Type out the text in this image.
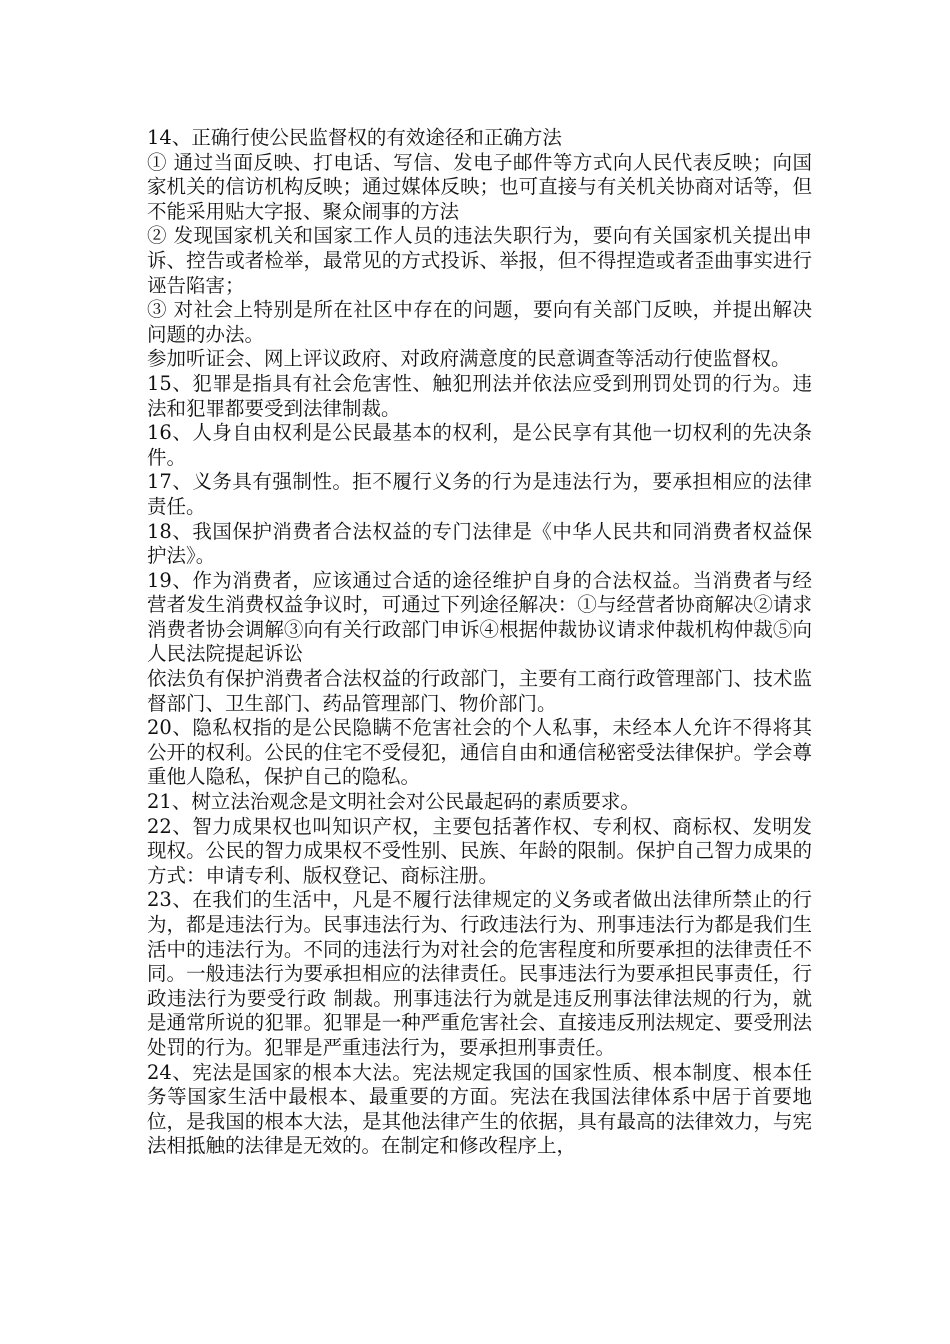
14、正确行使公民监督权的有效途径和正确方法

① 通过当面反映、打电话、写信、发电子邮件等方式向人民代表反映；向国家机关的信访机构反映；通过媒体反映；也可直接与有关机关协商对话等，但不能采用贴大字报、聚众闹事的方法

② 发现国家机关和国家工作人员的违法失职行为，要向有关国家机关提出申诉、控告或者检举，最常见的方式投诉、举报，但不得捏造或者歪曲事实进行诬告陷害；

③ 对社会上特别是所在社区中存在的问题，要向有关部门反映，并提出解决问题的办法。

参加听证会、网上评议政府、对政府满意度的民意调查等活动行使监督权。

15、犯罪是指具有社会危害性、触犯刑法并依法应受到刑罚处罚的行为。违法和犯罪都要受到法律制裁。

16、人身自由权利是公民最基本的权利，是公民享有其他一切权利的先决条件。

17、义务具有强制性。拒不履行义务的行为是违法行为，要承担相应的法律责任。

18、我国保护消费者合法权益的专门法律是《中华人民共和同消费者权益保护法》。

19、作为消费者，应该通过合适的途径维护自身的合法权益。当消费者与经营者发生消费权益争议时，可通过下列途径解决：①与经营者协商解决②请求消费者协会调解③向有关行政部门申诉④根据仲裁协议请求仲裁机构仲裁⑤向人民法院提起诉讼

依法负有保护消费者合法权益的行政部门，主要有工商行政管理部门、技术监督部门、卫生部门、药品管理部门、物价部门。

20、隐私权指的是公民隐瞒不危害社会的个人私事，未经本人允许不得将其公开的权利。公民的住宅不受侵犯，通信自由和通信秘密受法律保护。学会尊重他人隐私，保护自己的隐私。

21、树立法治观念是文明社会对公民最起码的素质要求。

22、智力成果权也叫知识产权，主要包括著作权、专利权、商标权、发明发现权。公民的智力成果权不受性别、民族、年龄的限制。保护自己智力成果的方式：申请专利、版权登记、商标注册。

23、在我们的生活中，凡是不履行法律规定的义务或者做出法律所禁止的行为，都是违法行为。民事违法行为、行政违法行为、刑事违法行为都是我们生活中的违法行为。不同的违法行为对社会的危害程度和所要承担的法律责任不同。一般违法行为要承担相应的法律责任。民事违法行为要承担民事责任，行政违法行为要受行政 制裁。刑事违法行为就是违反刑事法律法规的行为，就是通常所说的犯罪。犯罪是一种严重危害社会、直接违反刑法规定、要受刑法处罚的行为。犯罪是严重违法行为，要承担刑事责任。

24、宪法是国家的根本大法。宪法规定我国的国家性质、根本制度、根本任务等国家生活中最根本、最重要的方面。宪法在我国法律体系中居于首要地位，是我国的根本大法，是其他法律产生的依据，具有最高的法律效力，与宪法相抵触的法律是无效的。在制定和修改程序上，
